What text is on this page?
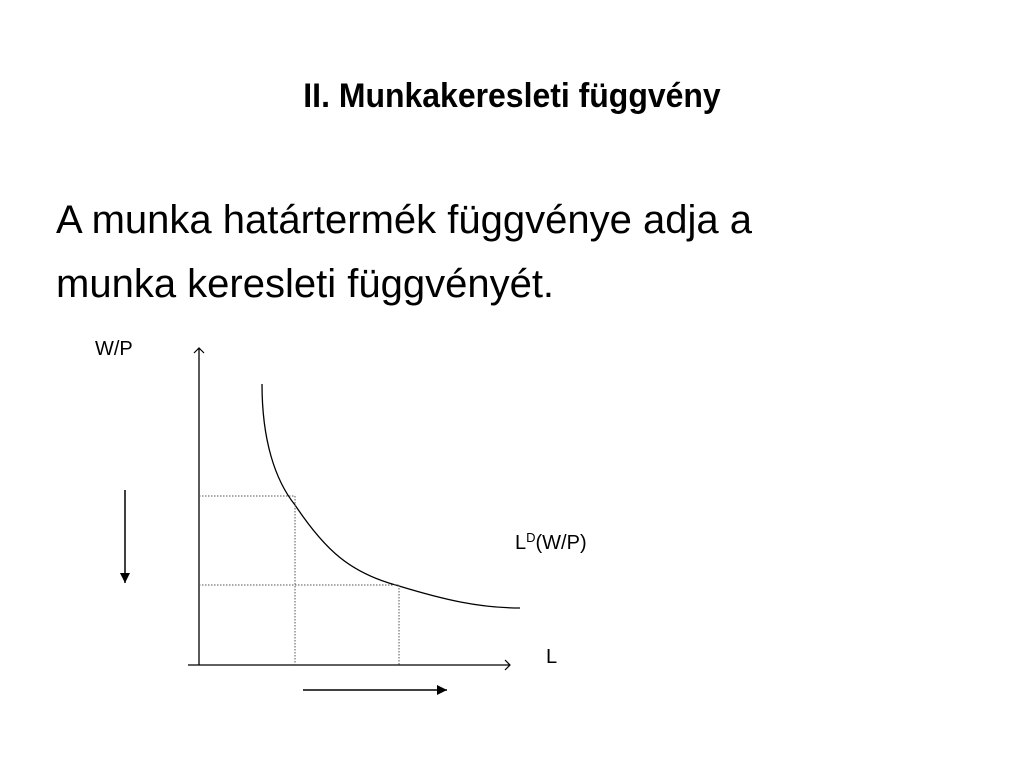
II. Munkakeresleti függvény
A munka határtermék függvénye adja a
munka keresleti függvényét.
W/P
L
$L^D(W/P)$
